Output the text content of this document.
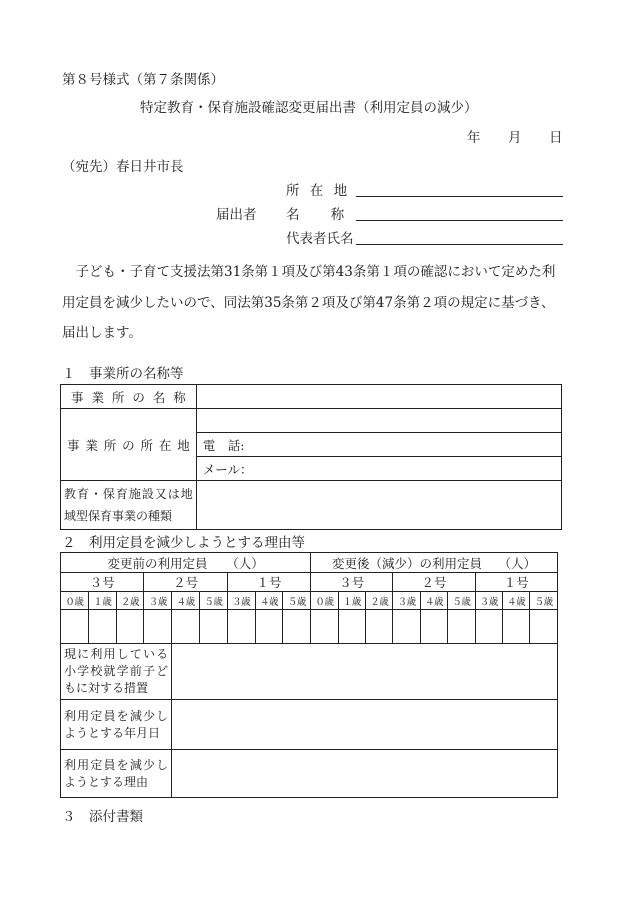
第８号様式（第７条関係）
特定教育・保育施設確認変更届出書（利用定員の減少）
年 月 日
（宛先）春日井市長
届出者
所 在 地
名　　 称
代表者氏名
子ども・子育て支援法第31条第１項及び第43条第１項の確認において定めた利用定員を減少したいので、同法第35条第２項及び第47条第２項の規定に基づき、届出します。
１　事業所の名称等
事 業 所 の 名 称	

事 業 所 の 所 在 地	

	電　話:
	メール：

教育・保育施設又は地域型保育事業の種類	

２　利用定員を減少しようとする理由等
変更前の利用定員　　（人）									変更後（減少）の利用定員　 （人）								
３号			２号			１号			３号			２号			１号		
０歳	１歳	２歳	３歳	４歳	５歳	３歳	４歳	５歳	０歳	１歳	２歳	３歳	４歳	５歳	３歳	４歳	５歳

現に利用している小学校就学前子どもに対する措置																	

利用定員を減少しようとする年月日																	

利用定員を減少しようとする理由																	

３　添付書類
